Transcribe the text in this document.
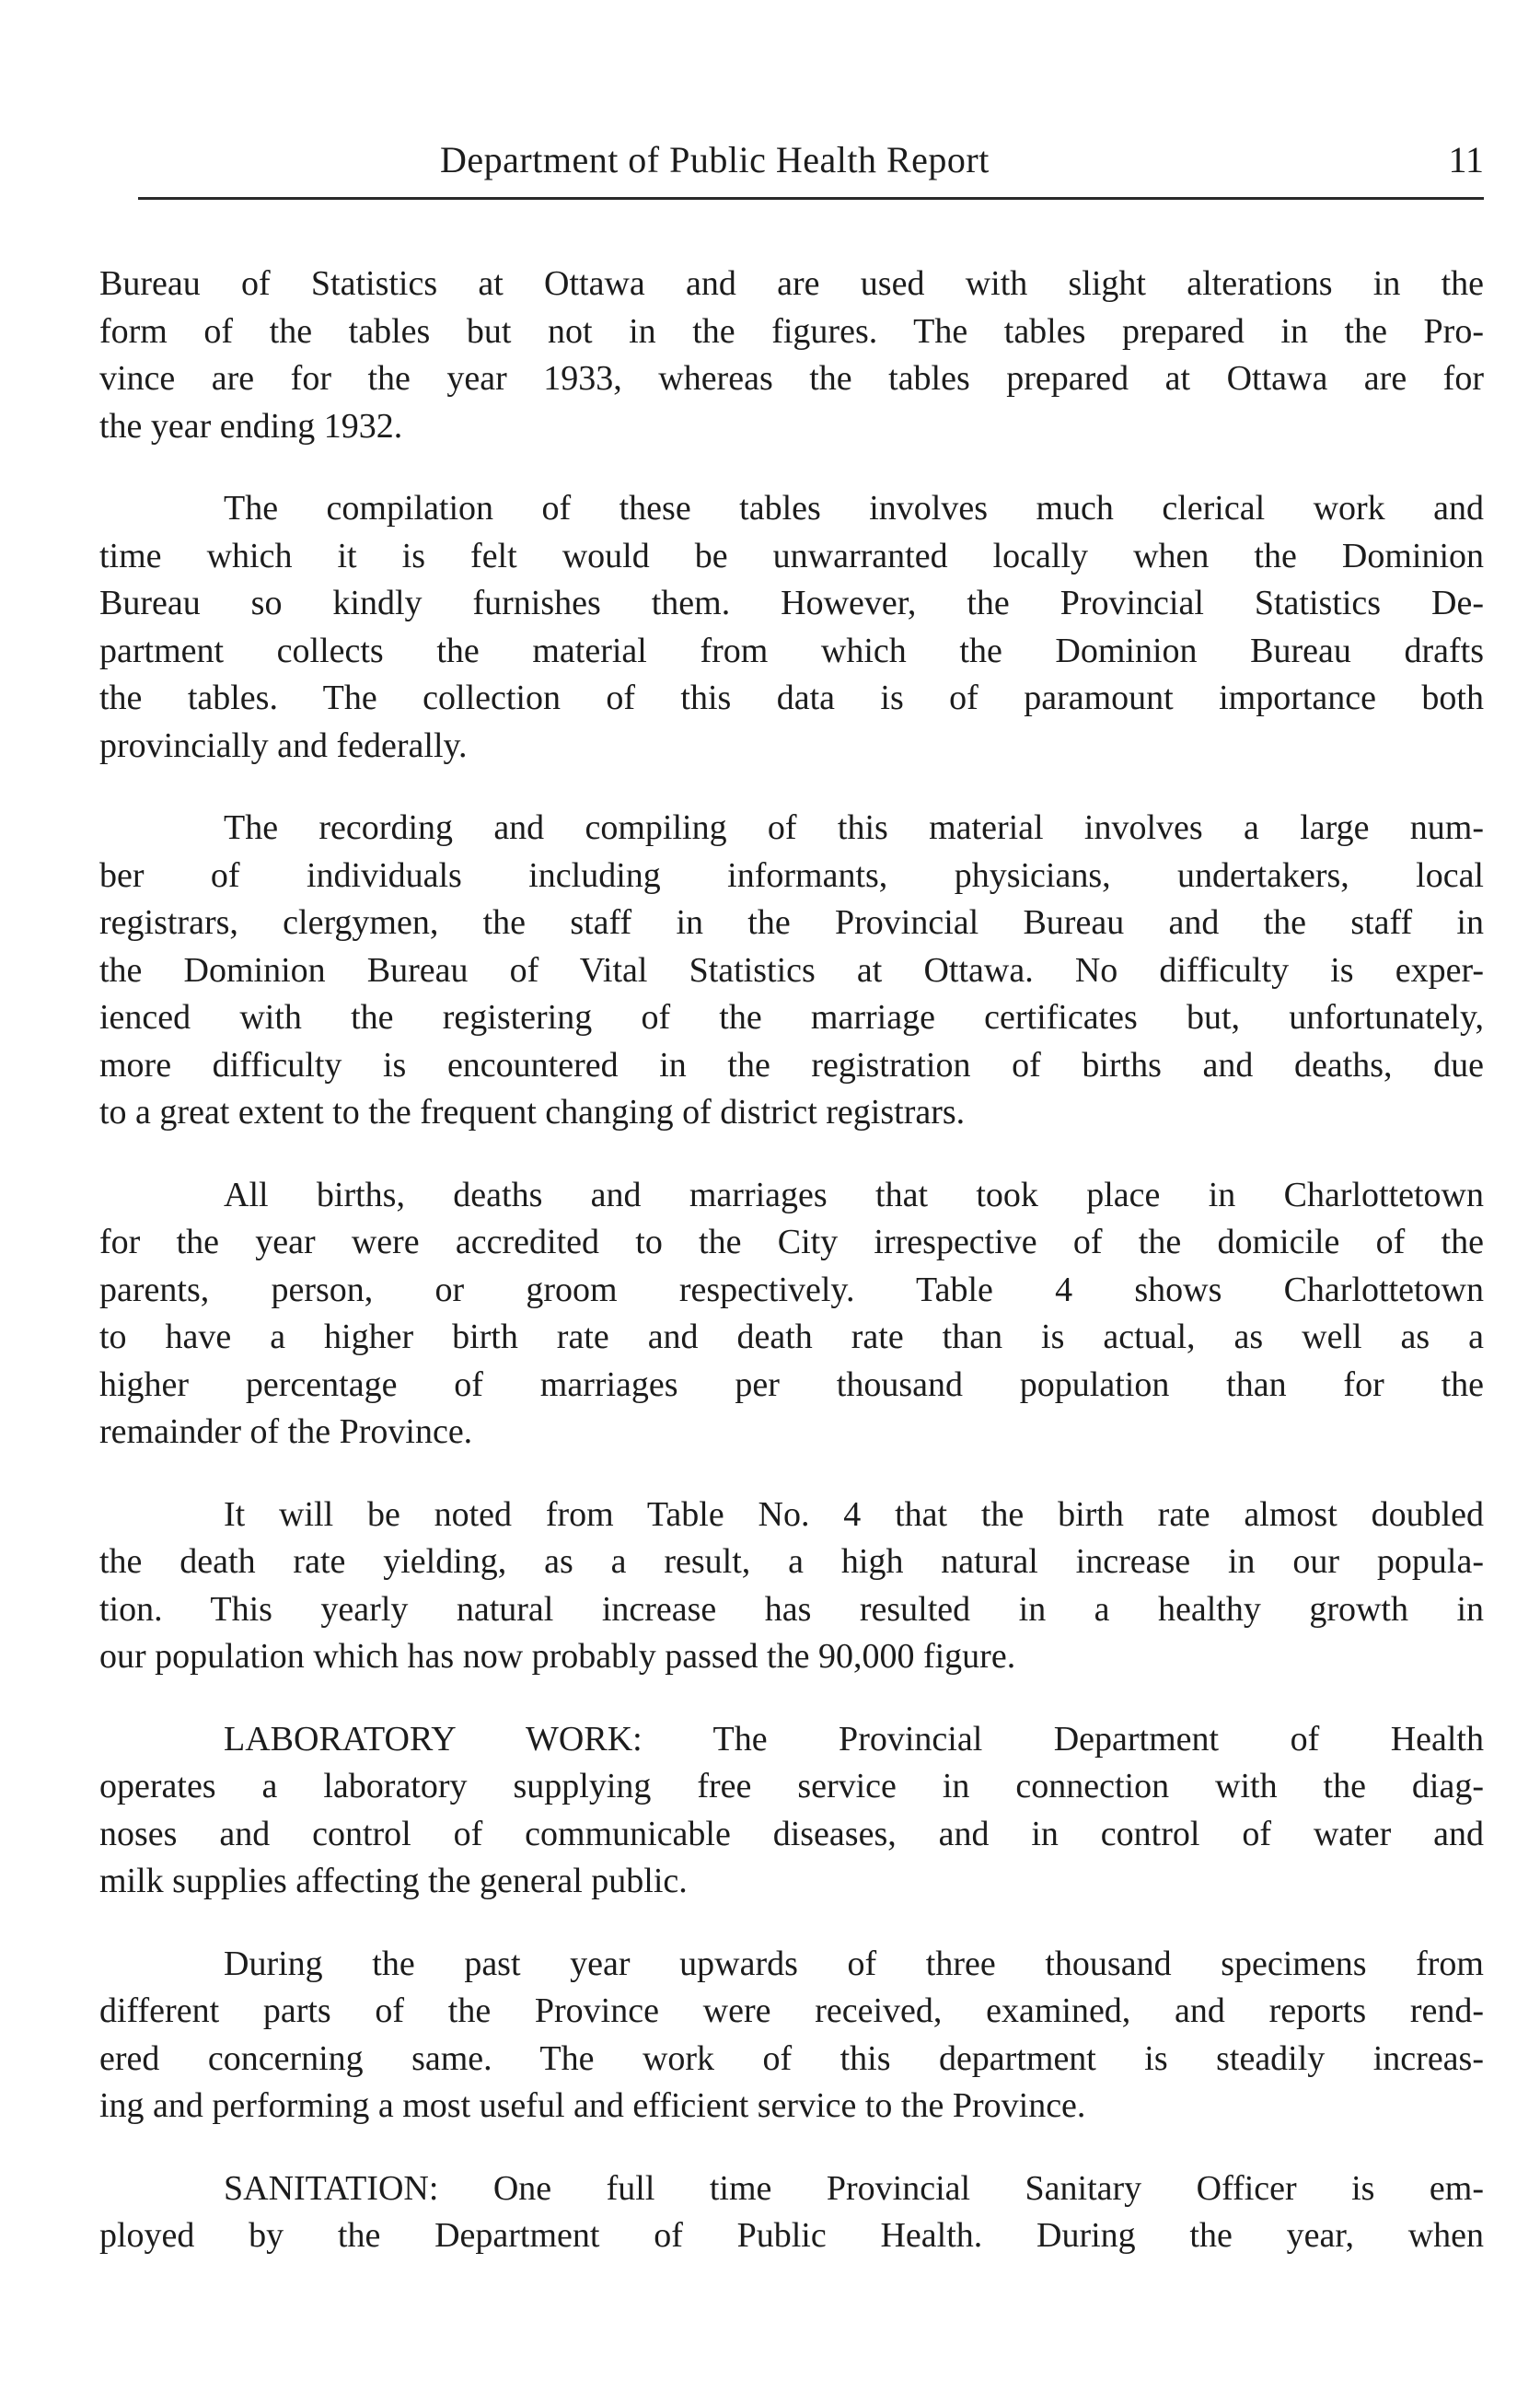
Department of Public Health Report	11
Bureau of Statistics at Ottawa and are used with slight alterations in the
form of the tables but not in the figures. The tables prepared in the Pro-
vince are for the year 1933, whereas the tables prepared at Ottawa are for
the year ending 1932.
The compilation of these tables involves much clerical work and
time which it is felt would be unwarranted locally when the Dominion
Bureau so kindly furnishes them. However, the Provincial Statistics De-
partment collects the material from which the Dominion Bureau drafts
the tables. The collection of this data is of paramount importance both
provincially and federally.
The recording and compiling of this material involves a large num-
ber of individuals including informants, physicians, undertakers, local
registrars, clergymen, the staff in the Provincial Bureau and the staff in
the Dominion Bureau of Vital Statistics at Ottawa. No difficulty is exper-
ienced with the registering of the marriage certificates but, unfortunately,
more difficulty is encountered in the registration of births and deaths, due
to a great extent to the frequent changing of district registrars.
All births, deaths and marriages that took place in Charlottetown
for the year were accredited to the City irrespective of the domicile of the
parents, person, or groom respectively. Table 4 shows Charlottetown
to have a higher birth rate and death rate than is actual, as well as a
higher percentage of marriages per thousand population than for the
remainder of the Province.
It will be noted from Table No. 4 that the birth rate almost doubled
the death rate yielding, as a result, a high natural increase in our popula-
tion. This yearly natural increase has resulted in a healthy growth in
our population which has now probably passed the 90,000 figure.
LABORATORY WORK: The Provincial Department of Health
operates a laboratory supplying free service in connection with the diag-
noses and control of communicable diseases, and in control of water and
milk supplies affecting the general public.
During the past year upwards of three thousand specimens from
different parts of the Province were received, examined, and reports rend-
ered concerning same. The work of this department is steadily increas-
ing and performing a most useful and efficient service to the Province.
SANITATION: One full time Provincial Sanitary Officer is em-
ployed by the Department of Public Health. During the year, when
